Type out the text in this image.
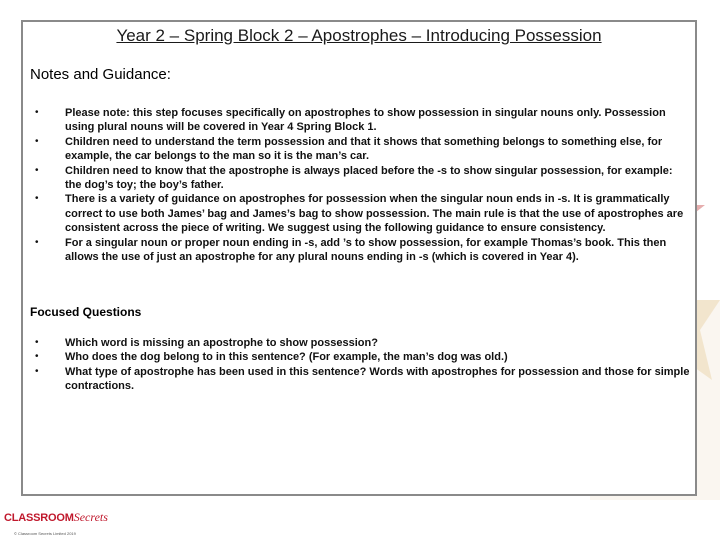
Year 2 – Spring Block 2 – Apostrophes – Introducing Possession
Notes and Guidance:
• Please note: this step focuses specifically on apostrophes to show possession in singular nouns only. Possession using plural nouns will be covered in Year 4 Spring Block 1.
• Children need to understand the term possession and that it shows that something belongs to something else, for example, the car belongs to the man so it is the man’s car.
• Children need to know that the apostrophe is always placed before the -s to show singular possession, for example: the dog’s toy; the boy’s father.
• There is a variety of guidance on apostrophes for possession when the singular noun ends in -s. It is grammatically correct to use both James’ bag and James’s bag to show possession. The main rule is that the use of apostrophes are consistent across the piece of writing. We suggest using the following guidance to ensure consistency.
• For a singular noun or proper noun ending in -s, add ’s to show possession, for example Thomas’s book. This then allows the use of just an apostrophe for any plural nouns ending in -s (which is covered in Year 4).
Focused Questions
• Which word is missing an apostrophe to show possession?
• Who does the dog belong to in this sentence? (For example, the man’s dog was old.)
• What type of apostrophe has been used in this sentence? Words with apostrophes for possession and those for simple contractions.
CLASSROOMSecrets
© Classroom Secrets Limited 2019
